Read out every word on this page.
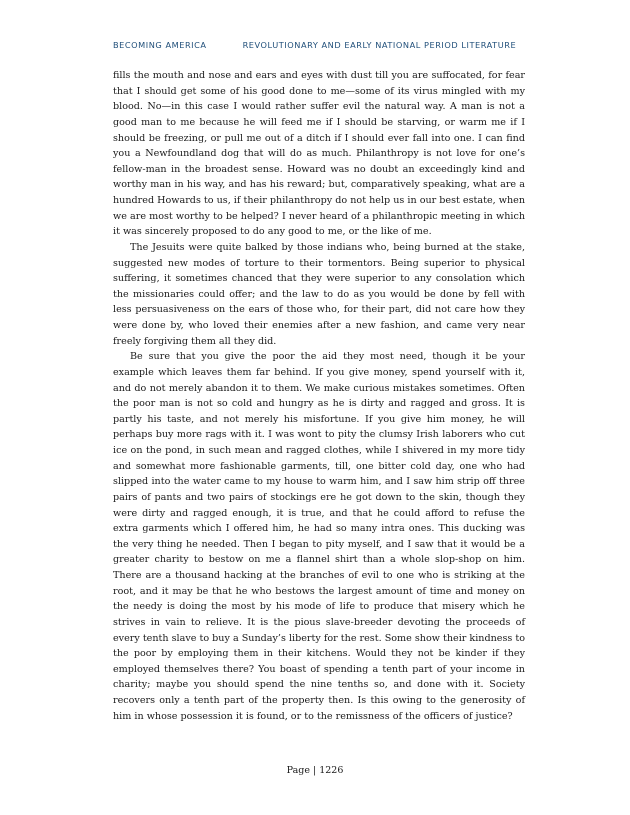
BECOMING AMERICA	REVOLUTIONARY AND EARLY NATIONAL PERIOD LITERATURE

fills the mouth and nose and ears and eyes with dust till you are suffocated, for fear that I should get some of his good done to me—some of its virus mingled with my blood. No—in this case I would rather suffer evil the natural way. A man is not a good man to me because he will feed me if I should be starving, or warm me if I should be freezing, or pull me out of a ditch if I should ever fall into one. I can find you a Newfoundland dog that will do as much. Philanthropy is not love for one’s fellow-man in the broadest sense. Howard was no doubt an exceedingly kind and worthy man in his way, and has his reward; but, comparatively speaking, what are a hundred Howards to us, if their philanthropy do not help us in our best estate, when we are most worthy to be helped? I never heard of a philanthropic meeting in which it was sincerely proposed to do any good to me, or the like of me.

The Jesuits were quite balked by those indians who, being burned at the stake, suggested new modes of torture to their tormentors. Being superior to physical suffering, it sometimes chanced that they were superior to any consolation which the missionaries could offer; and the law to do as you would be done by fell with less persuasiveness on the ears of those who, for their part, did not care how they were done by, who loved their enemies after a new fashion, and came very near freely forgiving them all they did.

Be sure that you give the poor the aid they most need, though it be your example which leaves them far behind. If you give money, spend yourself with it, and do not merely abandon it to them. We make curious mistakes sometimes. Often the poor man is not so cold and hungry as he is dirty and ragged and gross. It is partly his taste, and not merely his misfortune. If you give him money, he will perhaps buy more rags with it. I was wont to pity the clumsy Irish laborers who cut ice on the pond, in such mean and ragged clothes, while I shivered in my more tidy and somewhat more fashionable garments, till, one bitter cold day, one who had slipped into the water came to my house to warm him, and I saw him strip off three pairs of pants and two pairs of stockings ere he got down to the skin, though they were dirty and ragged enough, it is true, and that he could afford to refuse the extra garments which I offered him, he had so many intra ones. This ducking was the very thing he needed. Then I began to pity myself, and I saw that it would be a greater charity to bestow on me a flannel shirt than a whole slop-shop on him. There are a thousand hacking at the branches of evil to one who is striking at the root, and it may be that he who bestows the largest amount of time and money on the needy is doing the most by his mode of life to produce that misery which he strives in vain to relieve. It is the pious slave-breeder devoting the proceeds of every tenth slave to buy a Sunday’s liberty for the rest. Some show their kindness to the poor by employing them in their kitchens. Would they not be kinder if they employed themselves there? You boast of spending a tenth part of your income in charity; maybe you should spend the nine tenths so, and done with it. Society recovers only a tenth part of the property then. Is this owing to the generosity of him in whose possession it is found, or to the remissness of the officers of justice?

Page | 1226
